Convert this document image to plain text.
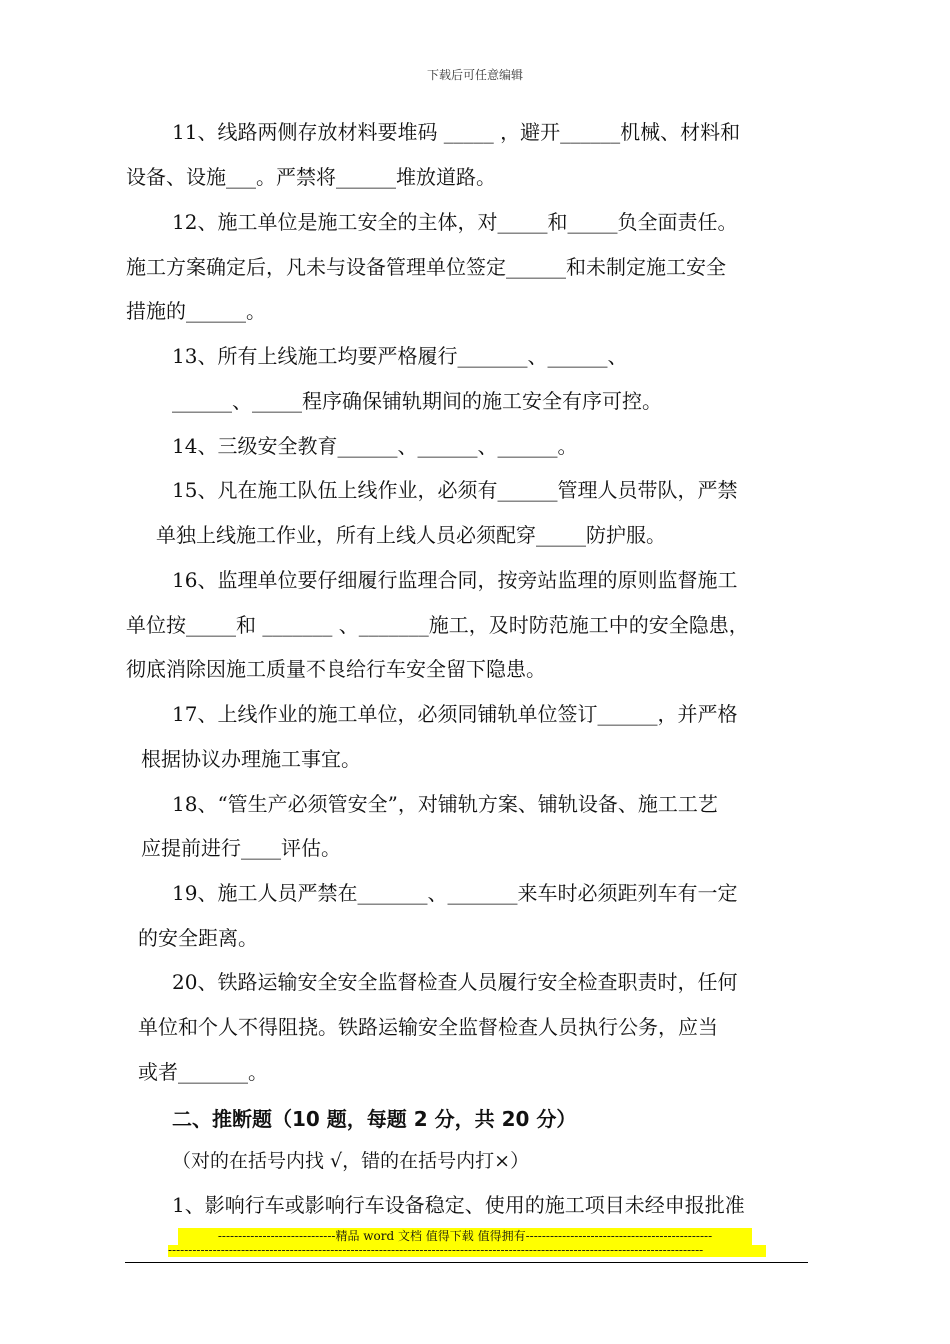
下载后可任意编辑
11、线路两侧存放材料要堆码 _____ ，避开______机械、材料和
设备、设施___。严禁将______堆放道路。
12、施工单位是施工安全的主体，对_____和_____负全面责任。
施工方案确定后，凡未与设备管理单位签定______和未制定施工安全
措施的______。
13、所有上线施工均要严格履行_______、______、
______、_____程序确保铺轨期间的施工安全有序可控。
14、三级安全教育______、______、______。
15、凡在施工队伍上线作业，必须有______管理人员带队，严禁
单独上线施工作业，所有上线人员必须配穿_____防护服。
16、监理单位要仔细履行监理合同，按旁站监理的原则监督施工
单位按_____和 _______ 、_______施工，及时防范施工中的安全隐患，
彻底消除因施工质量不良给行车安全留下隐患。
17、上线作业的施工单位，必须同铺轨单位签订______，并严格
根据协议办理施工事宜。
18、“管生产必须管安全”，对铺轨方案、铺轨设备、施工工艺
应提前进行____评估。
19、施工人员严禁在_______、_______来车时必须距列车有一定
的安全距离。
20、铁路运输安全安全监督检查人员履行安全检查职责时，任何
单位和个人不得阻挠。铁路运输安全监督检查人员执行公务，应当
或者_______。
二、推断题（10 题，每题 2 分，共 20 分）
（对的在括号内找 √，错的在括号内打×）
1、影响行车或影响行车设备稳定、使用的施工项目未经申报批准
-----------------------------精品 word 文档 值得下载 值得拥有----------------------------------------------
------------------------------------------------------------------------------------------------------------------------------------
